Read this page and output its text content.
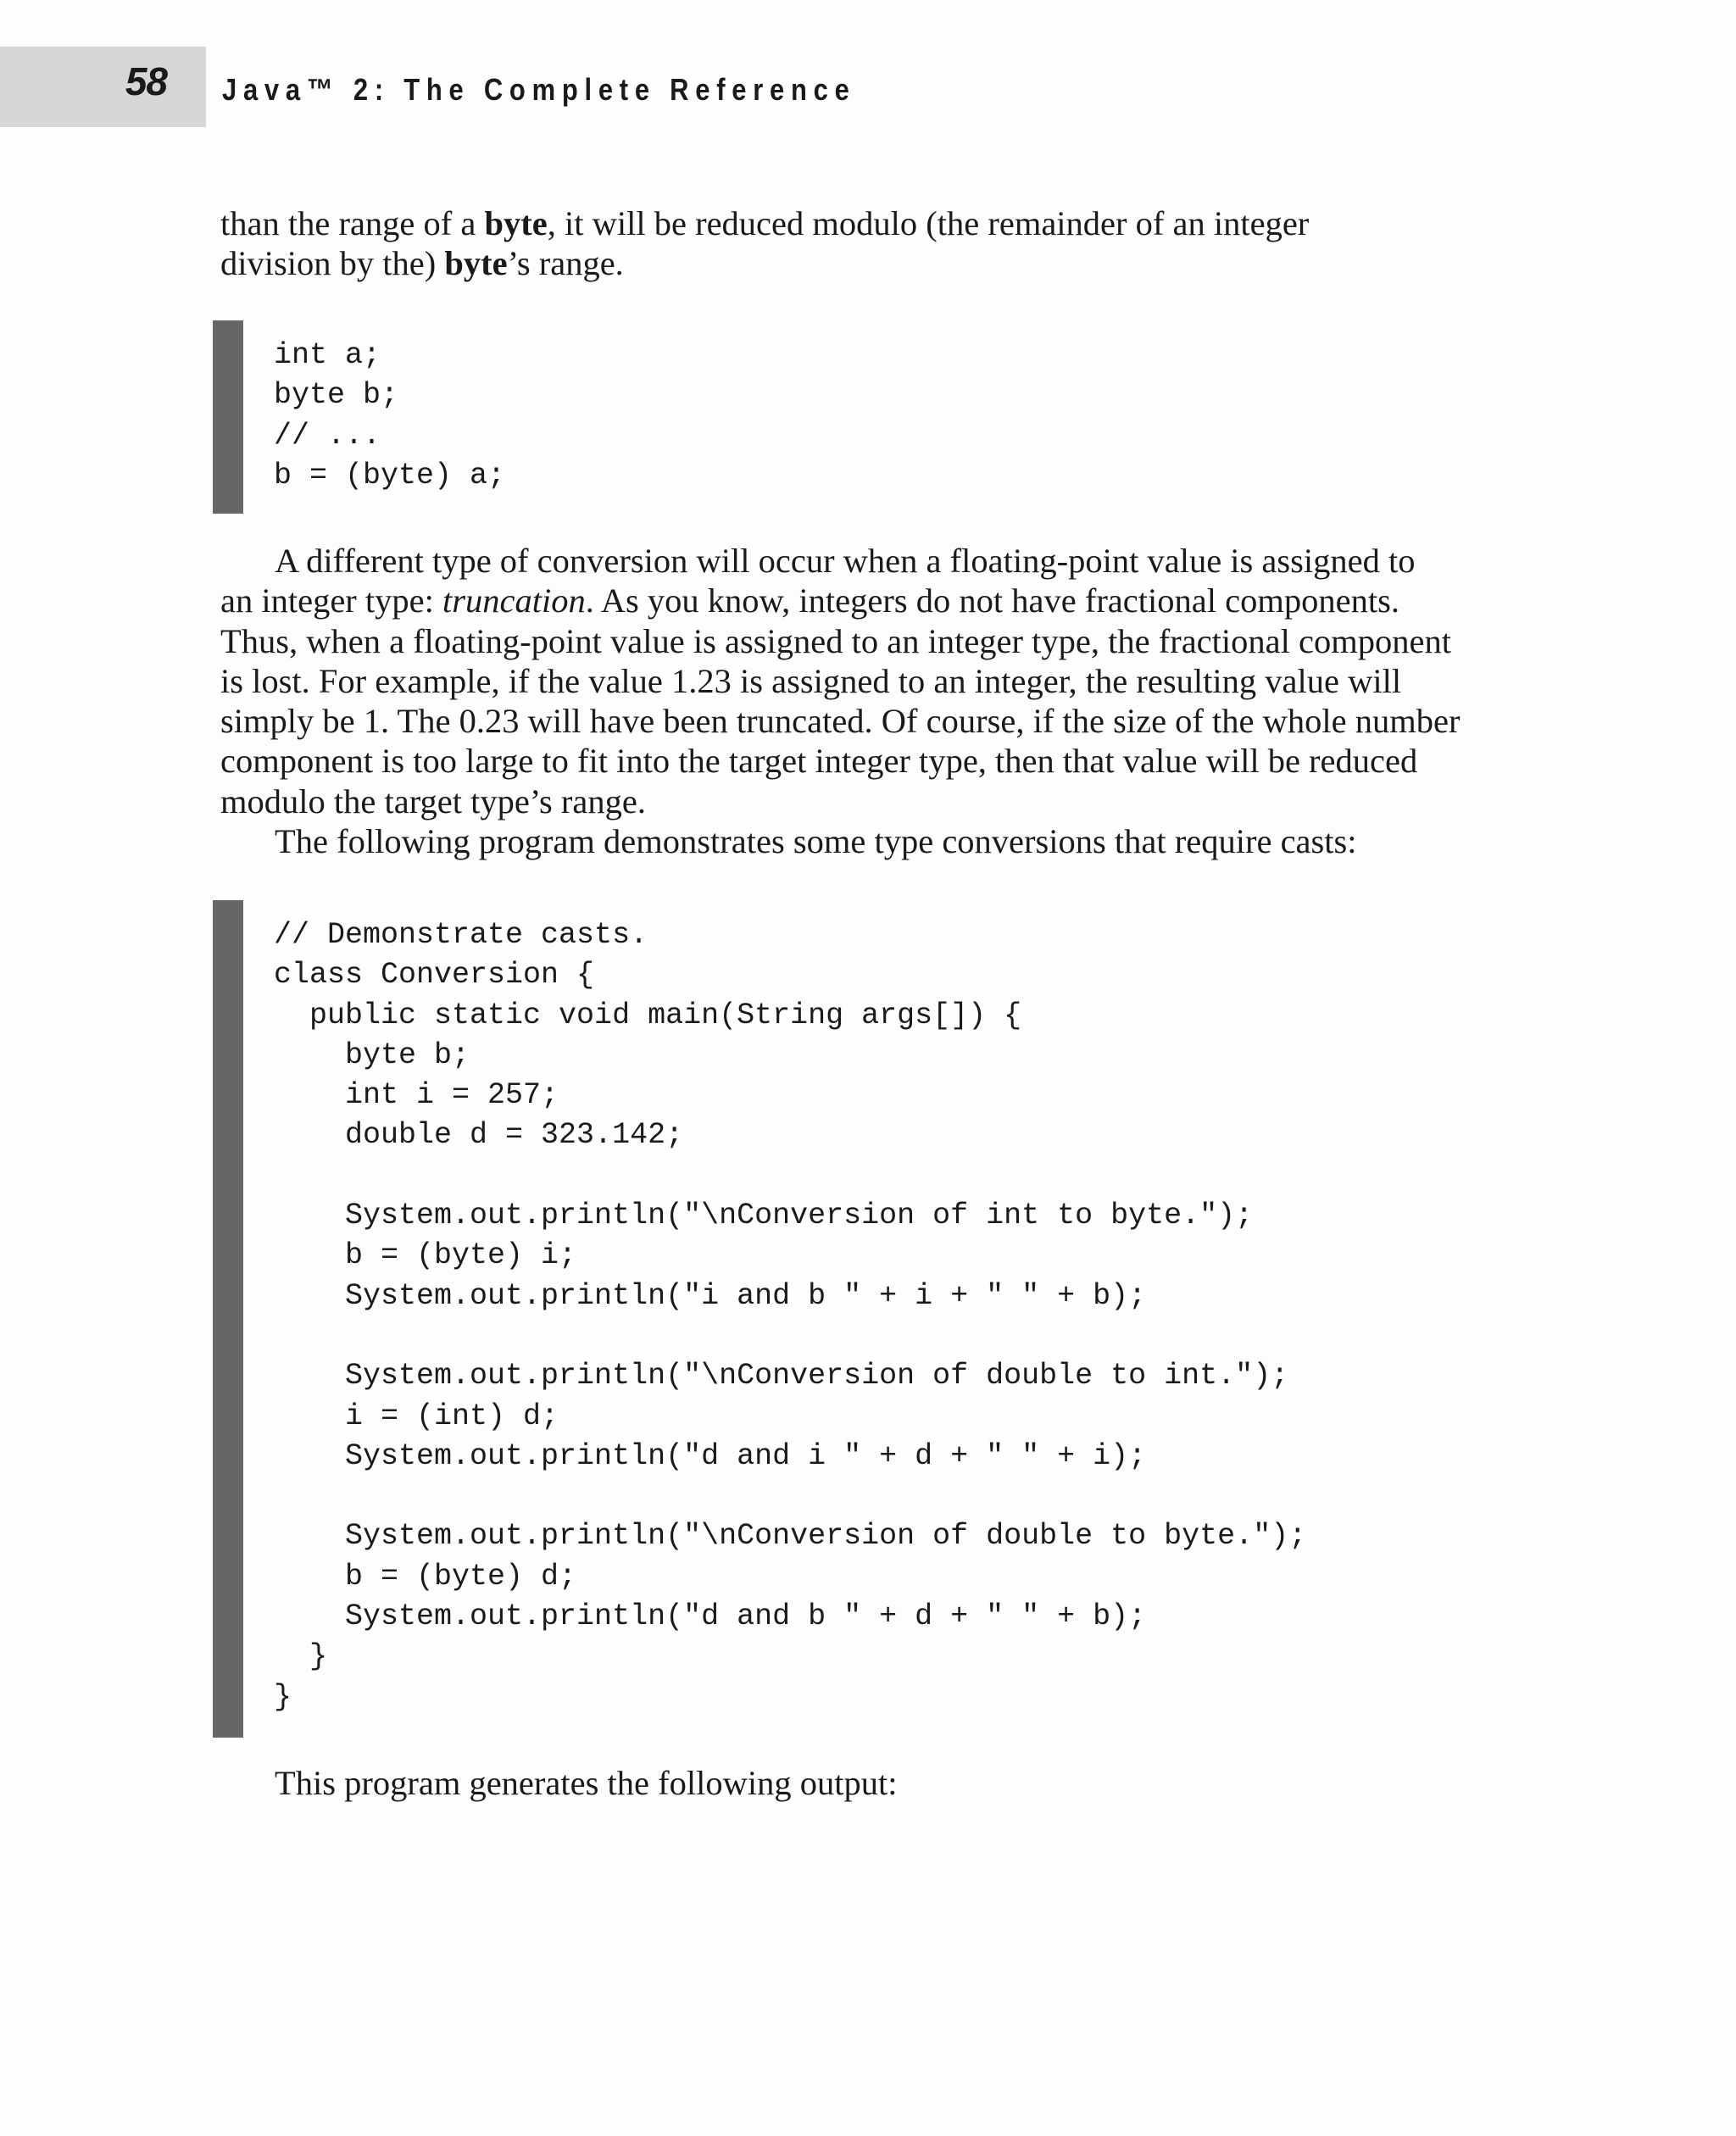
58 Java™ 2: The Complete Reference

than the range of a byte, it will be reduced modulo (the remainder of an integer
division by the) byte’s range.

int a;
byte b;
// ...
b = (byte) a;

A different type of conversion will occur when a floating-point value is assigned to
an integer type: truncation. As you know, integers do not have fractional components.
Thus, when a floating-point value is assigned to an integer type, the fractional component
is lost. For example, if the value 1.23 is assigned to an integer, the resulting value will
simply be 1. The 0.23 will have been truncated. Of course, if the size of the whole number
component is too large to fit into the target integer type, then that value will be reduced
modulo the target type’s range.
The following program demonstrates some type conversions that require casts:

// Demonstrate casts.
class Conversion {
public static void main(String args[]) {
byte b;
int i = 257;
double d = 323.142;
System.out.println("\nConversion of int to byte.");
b = (byte) i;
System.out.println("i and b " + i + " " + b);
System.out.println("\nConversion of double to int.");
i = (int) d;
System.out.println("d and i " + d + " " + i);
System.out.println("\nConversion of double to byte.");
b = (byte) d;
System.out.println("d and b " + d + " " + b);
}
}

This program generates the following output:
